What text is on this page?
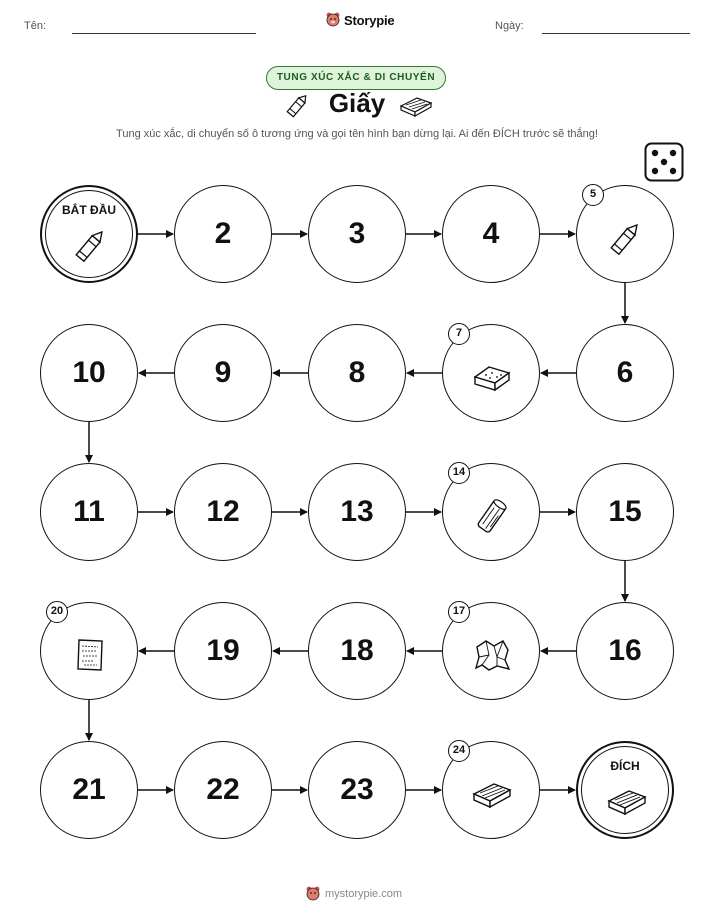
Tên:	Ngày:
Storypie
TUNG XÚC XẮC & DI CHUYỂN
Giấy
Tung xúc xắc, di chuyển số ô tương ứng và gọi tên hình bạn dừng lại. Ai đến ĐÍCH trước sẽ thắng!
BẮT ĐẦU
2	3	4
5
6
7
8
9
10
11	12	13
14
15
16
17
18
19
20
21	22	23
24
ĐÍCH
mystorypie.com
